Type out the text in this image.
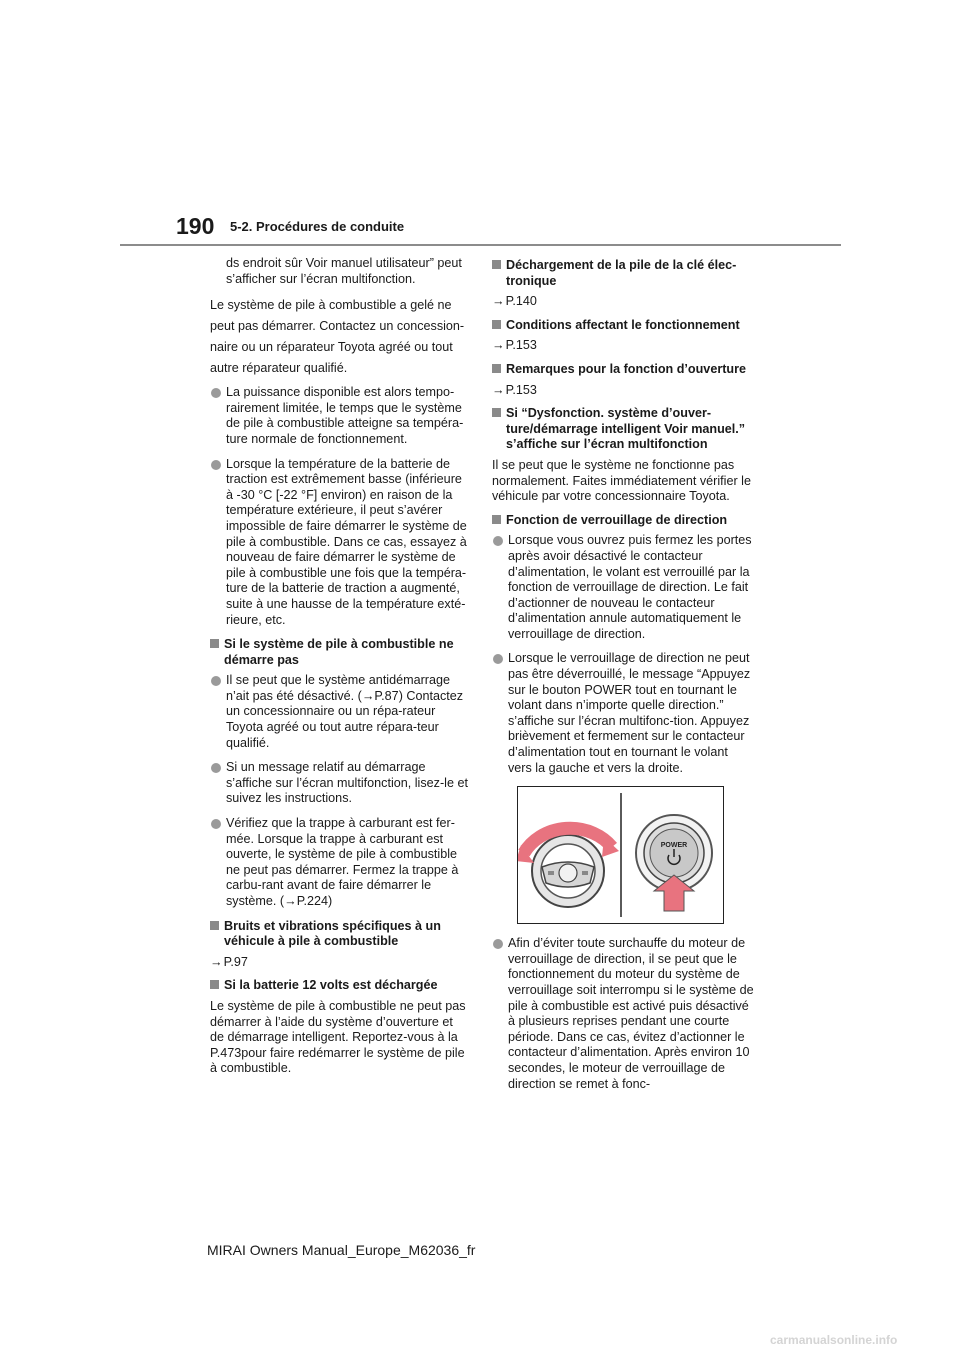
190 5-2. Procédures de conduite

ds endroit sûr Voir manuel utilisateur” peut s’afficher sur l’écran multifonction.

Le système de pile à combustible a gelé ne
peut pas démarrer. Contactez un concession-
naire ou un réparateur Toyota agréé ou tout
autre réparateur qualifié.

La puissance disponible est alors tempo-rairement limitée, le temps que le système de pile à combustible atteigne sa tempéra-ture normale de fonctionnement.
Lorsque la température de la batterie de traction est extrêmement basse (inférieure à -30 °C [-22 °F] environ) en raison de la température extérieure, il peut s’avérer impossible de faire démarrer le système de pile à combustible. Dans ce cas, essayez à nouveau de faire démarrer le système de pile à combustible une fois que la tempéra-ture de la batterie de traction a augmenté, suite à une hausse de la température exté-rieure, etc.
Si le système de pile à combustible ne démarre pas
Il se peut que le système antidémarrage n’ait pas été désactivé. (→P.87) Contactez un concessionnaire ou un répa-rateur Toyota agréé ou tout autre répara-teur qualifié.
Si un message relatif au démarrage s’affiche sur l’écran multifonction, lisez-le et suivez les instructions.
Vérifiez que la trappe à carburant est fer-mée. Lorsque la trappe à carburant est ouverte, le système de pile à combustible ne peut pas démarrer. Fermez la trappe à carbu-rant avant de faire démarrer le système. (→P.224)
Bruits et vibrations spécifiques à un véhicule à pile à combustible

→P.97

Si la batterie 12 volts est déchargée

Le système de pile à combustible ne peut pas démarrer à l’aide du système d’ouverture et de démarrage intelligent. Reportez-vous à la P.473pour faire redémarrer le système de pile à combustible.

Déchargement de la pile de la clé élec-tronique

→P.140

Conditions affectant le fonctionnement

→P.153

Remarques pour la fonction d’ouverture

→P.153

Si “Dysfonction. système d’ouver-ture/démarrage intelligent Voir manuel.” s’affiche sur l’écran multifonction

Il se peut que le système ne fonctionne pas normalement. Faites immédiatement vérifier le véhicule par votre concessionnaire Toyota.

Fonction de verrouillage de direction
Lorsque vous ouvrez puis fermez les portes après avoir désactivé le contacteur d’alimentation, le volant est verrouillé par la fonction de verrouillage de direction. Le fait d’actionner de nouveau le contacteur d’alimentation annule automatiquement le verrouillage de direction.
Lorsque le verrouillage de direction ne peut pas être déverrouillé, le message “Appuyez sur le bouton POWER tout en tournant le volant dans n’importe quelle direction.” s’affiche sur l’écran multifonc-tion. Appuyez brièvement et fermement sur le contacteur d’alimentation tout en tournant le volant vers la gauche et vers la droite.
POWER
Afin d’éviter toute surchauffe du moteur de verrouillage de direction, il se peut que le fonctionnement du moteur du système de verrouillage soit interrompu si le système de pile à combustible est activé puis désactivé à plusieurs reprises pendant une courte période. Dans ce cas, évitez d’actionner le contacteur d’alimentation. Après environ 10 secondes, le moteur de verrouillage de direction se remet à fonc-
MIRAI Owners Manual_Europe_M62036_fr
carmanualsonline.info
